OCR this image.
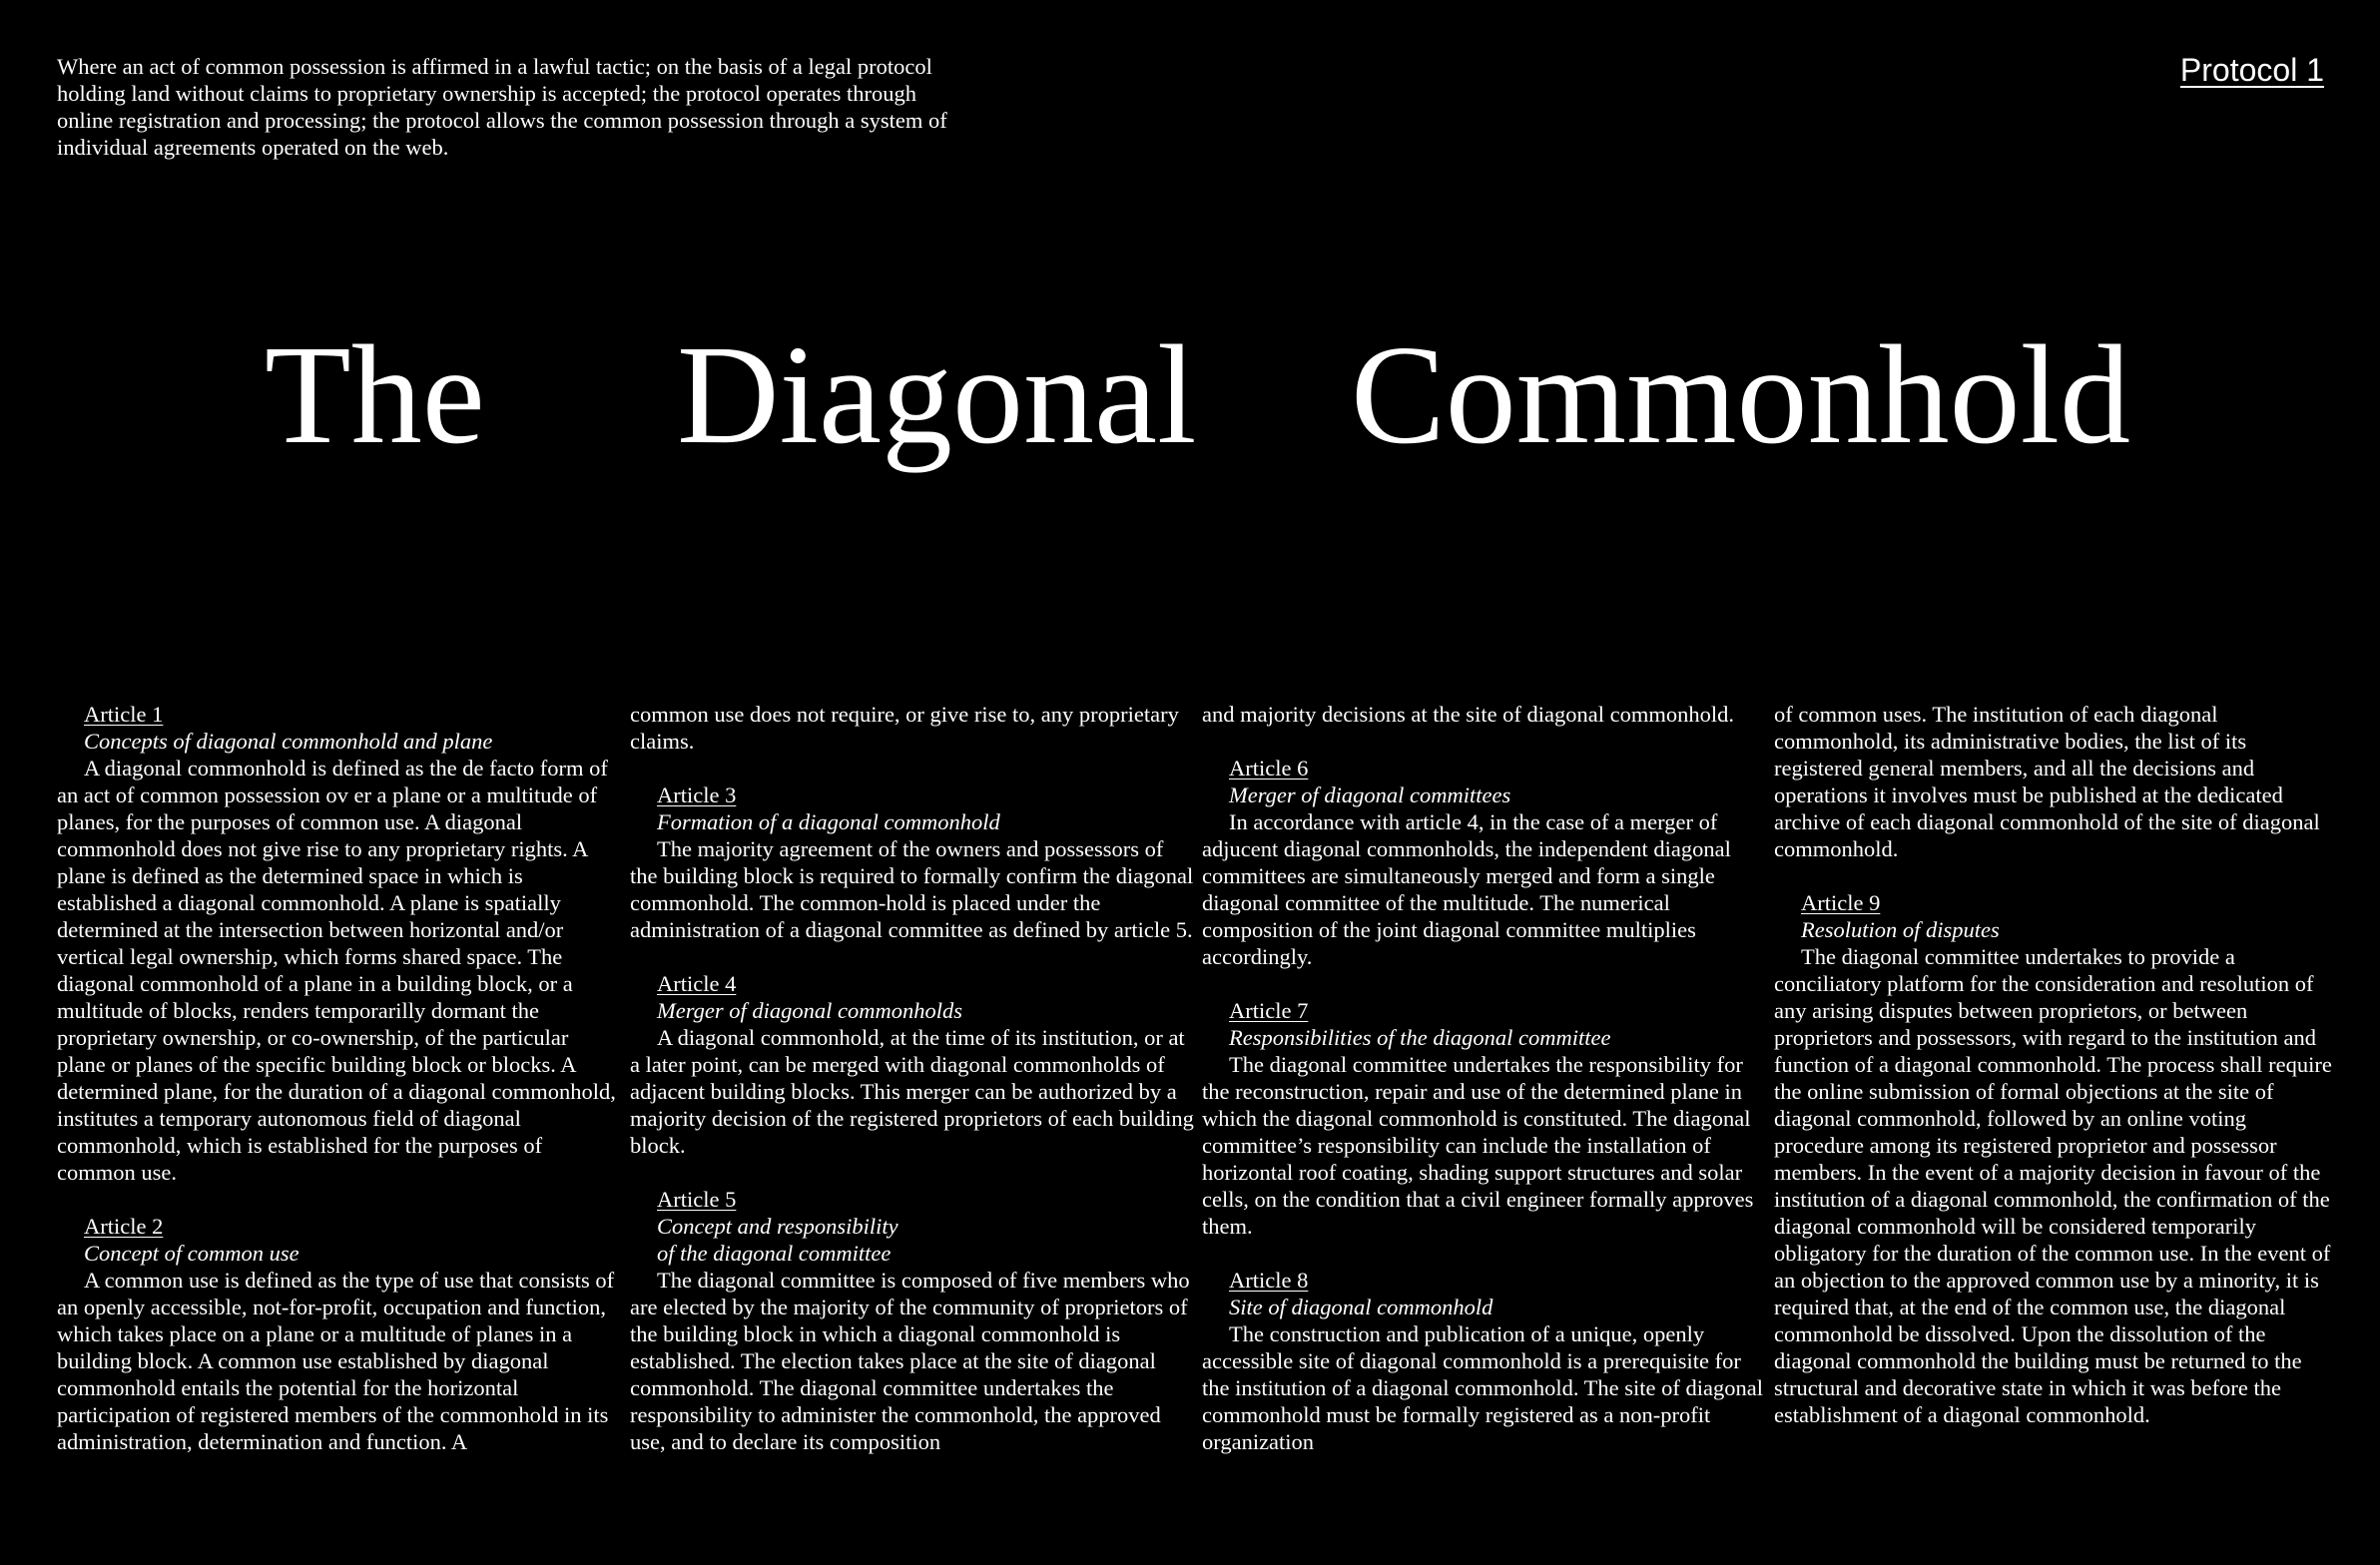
Where an act of common possession is affirmed in a lawful tactic; on the basis of a legal protocol holding land without claims to proprietary ownership is accepted; the protocol operates through online registration and processing; the protocol allows the common possession through a system of individual agreements operated on the web.
Protocol 1
The Diagonal Commonhold
Article 1
Concepts of diagonal commonhold and plane

A diagonal commonhold is defined as the de facto form of an act of common possession ov er a plane or a multitude of planes, for the purposes of common use. A diagonal commonhold does not give rise to any proprietary rights. A plane is defined as the determined space in which is established a diagonal commonhold. A plane is spatially determined at the intersection between horizontal and/or vertical legal ownership, which forms shared space. The diagonal commonhold of a plane in a building block, or a multitude of blocks, renders temporarilly dormant the proprietary ownership, or co-ownership, of the particular plane or planes of the specific building block or blocks. A determined plane, for the duration of a diagonal commonhold, institutes a temporary autonomous field of diagonal commonhold, which is established for the purposes of common use.

Article 2
Concept of common use

A common use is defined as the type of use that consists of an openly accessible, not-for-profit, occupation and function, which takes place on a plane or a multitude of planes in a building block. A common use established by diagonal commonhold entails the potential for the horizontal participation of registered members of the commonhold in its administration, determination and function. A

common use does not require, or give rise to, any proprietary claims.

Article 3
Formation of a diagonal commonhold

The majority agreement of the owners and possessors of the building block is required to formally confirm the diagonal commonhold. The common-hold is placed under the administration of a diagonal committee as defined by article 5.

Article 4
Merger of diagonal commonholds

A diagonal commonhold, at the time of its institution, or at a later point, can be merged with diagonal commonholds of adjacent building blocks. This merger can be authorized by a majority decision of the registered proprietors of each building block.

Article 5
Concept and responsibility
of the diagonal committee

The diagonal committee is composed of five members who are elected by the majority of the community of proprietors of the building block in which a diagonal commonhold is established. The election takes place at the site of diagonal commonhold. The diagonal committee undertakes the responsibility to administer the commonhold, the approved use, and to declare its composition

and majority decisions at the site of diagonal commonhold.

Article 6
Merger of diagonal committees

In accordance with article 4, in the case of a merger of adjucent diagonal commonholds, the independent diagonal committees are simultaneously merged and form a single diagonal committee of the multitude. The numerical composition of the joint diagonal committee multiplies accordingly.

Article 7
Responsibilities of the diagonal committee

The diagonal committee undertakes the responsibility for the reconstruction, repair and use of the determined plane in which the diagonal commonhold is constituted. The diagonal committee’s responsibility can include the installation of horizontal roof coating, shading support structures and solar cells, on the condition that a civil engineer formally approves them.

Article 8
Site of diagonal commonhold

The construction and publication of a unique, openly accessible site of diagonal commonhold is a prerequisite for the institution of a diagonal commonhold. The site of diagonal commonhold must be formally registered as a non-profit organization

of common uses. The institution of each diagonal commonhold, its administrative bodies, the list of its registered general members, and all the decisions and operations it involves must be published at the dedicated archive of each diagonal commonhold of the site of diagonal commonhold.

Article 9
Resolution of disputes

The diagonal committee undertakes to provide a conciliatory platform for the consideration and resolution of any arising disputes between proprietors, or between proprietors and possessors, with regard to the institution and function of a diagonal commonhold. The process shall require the online submission of formal objections at the site of diagonal commonhold, followed by an online voting procedure among its registered proprietor and possessor members. In the event of a majority decision in favour of the institution of a diagonal commonhold, the confirmation of the diagonal commonhold will be considered temporarily obligatory for the duration of the common use. In the event of an objection to the approved common use by a minority, it is required that, at the end of the common use, the diagonal commonhold be dissolved. Upon the dissolution of the diagonal commonhold the building must be returned to the structural and decorative state in which it was before the establishment of a diagonal commonhold.
